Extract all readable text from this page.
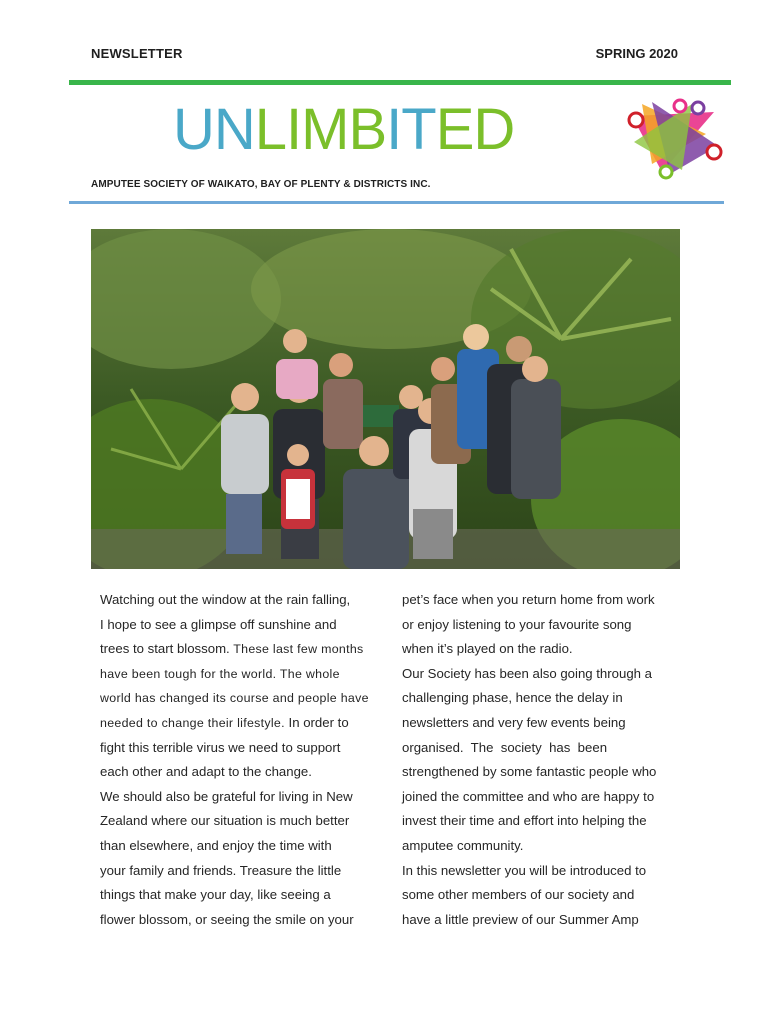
NEWSLETTER	SPRING 2020
UNLIMBITED
AMPUTEE SOCIETY OF WAIKATO, BAY OF PLENTY & DISTRICTS INC.

Watching out the window at the rain falling,

I hope to see a glimpse off sunshine and

trees to start blossom. These last few months

have been tough for the world. The whole

world has changed its course and people have

needed to change their lifestyle. In order to

fight this terrible virus we need to support

each other and adapt to the change.

We should also be grateful for living in New

Zealand where our situation is much better

than elsewhere, and enjoy the time with

your family and friends. Treasure the little

things that make your day, like seeing a

flower blossom, or seeing the smile on your

pet’s face when you return home from work

or enjoy listening to your favourite song

when it’s played on the radio.

Our Society has been also going through a

challenging phase, hence the delay in

newsletters and very few events being

organised.  The  society  has  been

strengthened by some fantastic people who

joined the committee and who are happy to

invest their time and effort into helping the

amputee community.

In this newsletter you will be introduced to

some other members of our society and

have a little preview of our Summer Amp
